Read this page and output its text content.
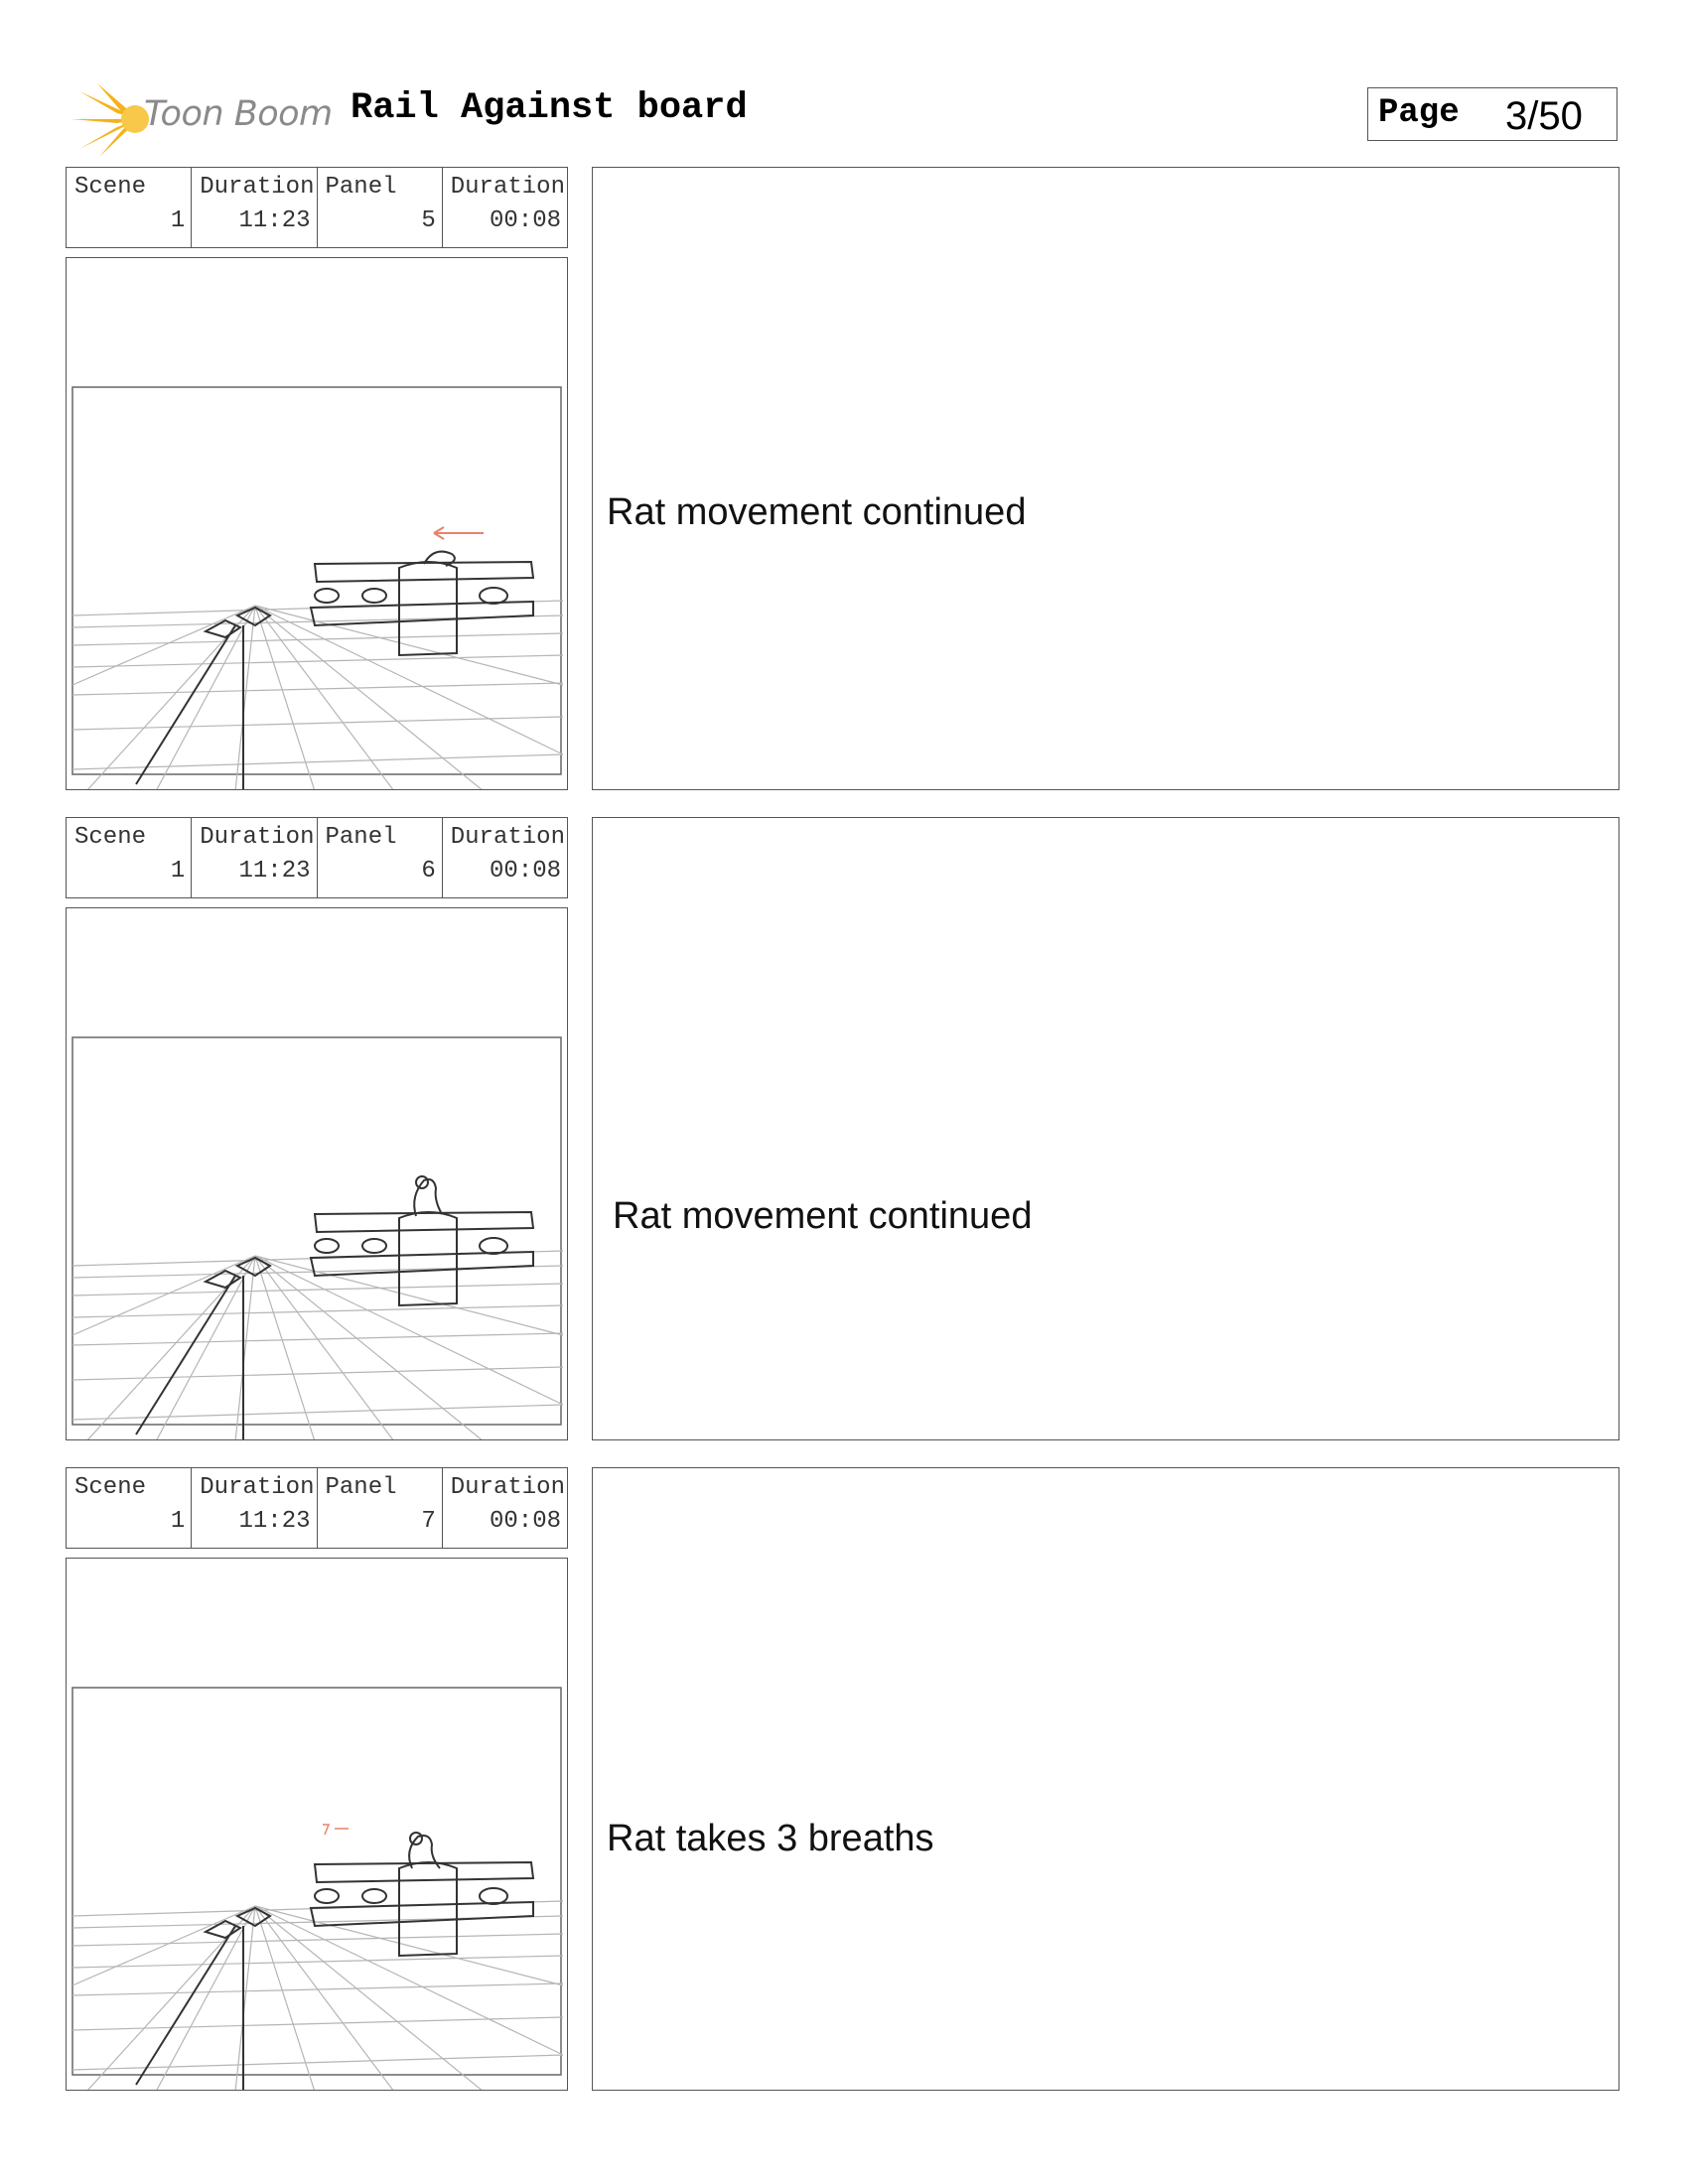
Toon Boom Rail Against board	Page 3/50
Scene
1
Duration
11:23
Panel
5
Duration
00:08
Rat movement continued
Scene
1
Duration
11:23
Panel
6
Duration
00:08
Rat movement continued
Scene
1
Duration
11:23
Panel
7
Duration
00:08
Rat takes 3 breaths
